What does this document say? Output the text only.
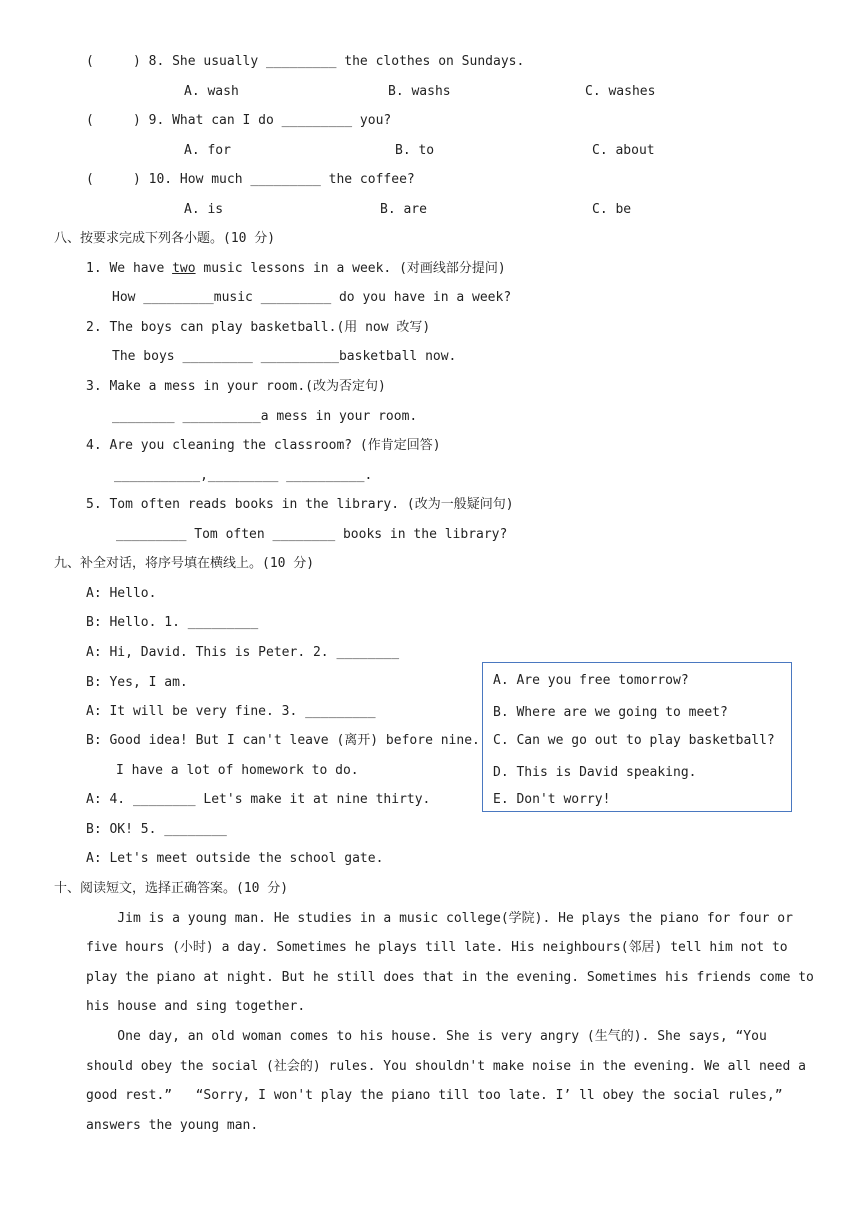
(     ) 8. She usually _________ the clothes on Sundays.
A. wash	B. washs	C. washes
(     ) 9. What can I do _________ you?
A. for	B. to	C. about
(     ) 10. How much _________ the coffee?
A. is	B. are	C. be
八、按要求完成下列各小题。(10 分)
1. We have two music lessons in a week. (对画线部分提问)
How _________music _________ do you have in a week?
2. The boys can play basketball.(用 now 改写)
The boys _________ __________basketball now.
3. Make a mess in your room.(改为否定句)
________ __________a mess in your room.
4. Are you cleaning the classroom? (作肯定回答)
___________,_________ __________.
5. Tom often reads books in the library. (改为一般疑问句)
_________ Tom often ________ books in the library?
九、补全对话，将序号填在横线上。(10 分)
A: Hello.
B: Hello. 1. _________
A: Hi, David. This is Peter. 2. ________
B: Yes, I am.
A: It will be very fine. 3. _________
B: Good idea! But I can't leave (离开) before nine.
I have a lot of homework to do.
A: 4. ________ Let's make it at nine thirty.
B: OK! 5. ________
A: Let's meet outside the school gate.
A. Are you free tomorrow?
B. Where are we going to meet?
C. Can we go out to play basketball?
D. This is David speaking.
E. Don't worry!
十、阅读短文，选择正确答案。(10 分)
Jim is a young man. He studies in a music college(学院). He plays the piano for four or
five hours (小时) a day. Sometimes he plays till late. His neighbours(邻居) tell him not to
play the piano at night. But he still does that in the evening. Sometimes his friends come to
his house and sing together.
One day, an old woman comes to his house. She is very angry (生气的). She says, “You
should obey the social (社会的) rules. You shouldn't make noise in the evening. We all need a
good rest.”   “Sorry, I won't play the piano till too late. I’ ll obey the social rules,”
answers the young man.
